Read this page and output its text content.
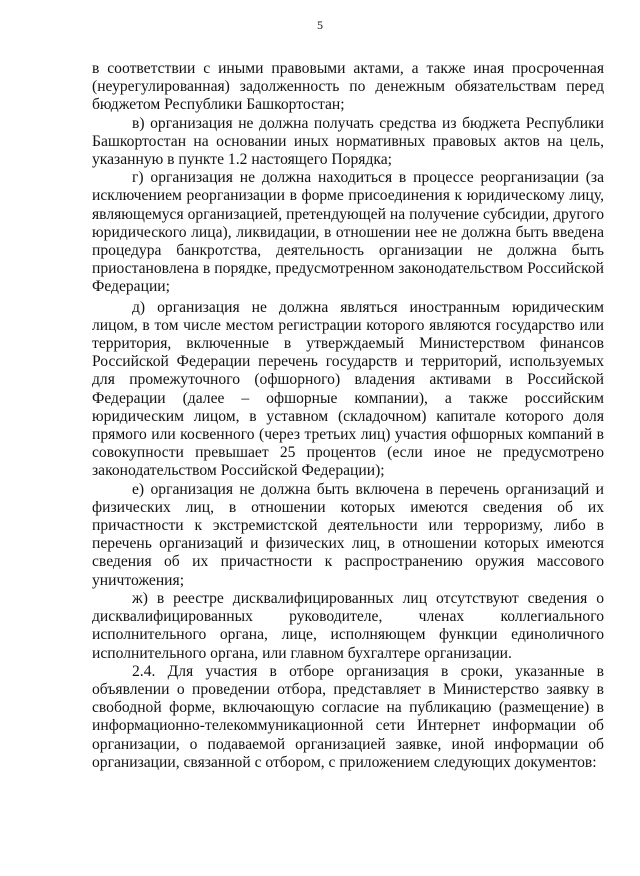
5

в соответствии с иными правовыми актами, а также иная просроченная (неурегулированная) задолженность по денежным обязательствам перед бюджетом Республики Башкортостан;

в) организация не должна получать средства из бюджета Республики Башкортостан на основании иных нормативных правовых актов на цель, указанную в пункте 1.2 настоящего Порядка;

г) организация не должна находиться в процессе реорганизации (за исключением реорганизации в форме присоединения к юридическому лицу, являющемуся организацией, претендующей на получение субсидии, другого юридического лица), ликвидации, в отношении нее не должна быть введена процедура банкротства, деятельность организации не должна быть приостановлена в порядке, предусмотренном законодательством Российской Федерации;

д) организация не должна являться иностранным юридическим лицом, в том числе местом регистрации которого являются государство или территория, включенные в утверждаемый Министерством финансов Российской Федерации перечень государств и территорий, используемых для промежуточного (офшорного) владения активами в Российской Федерации (далее – офшорные компании), а также российским юридическим лицом, в уставном (складочном) капитале которого доля прямого или косвенного (через третьих лиц) участия офшорных компаний в совокупности превышает 25 процентов (если иное не предусмотрено законодательством Российской Федерации);

е) организация не должна быть включена в перечень организаций и физических лиц, в отношении которых имеются сведения об их причастности к экстремистской деятельности или терроризму, либо в перечень организаций и физических лиц, в отношении которых имеются сведения об их причастности к распространению оружия массового уничтожения;

ж) в реестре дисквалифицированных лиц отсутствуют сведения о дисквалифицированных руководителе, членах коллегиального исполнительного органа, лице, исполняющем функции единоличного исполнительного органа, или главном бухгалтере организации.

2.4. Для участия в отборе организация в сроки, указанные в объявлении о проведении отбора, представляет в Министерство заявку в свободной форме, включающую согласие на публикацию (размещение) в информационно-телекоммуникационной сети Интернет информации об организации, о подаваемой организацией заявке, иной информации об организации, связанной с отбором, с приложением следующих документов:
